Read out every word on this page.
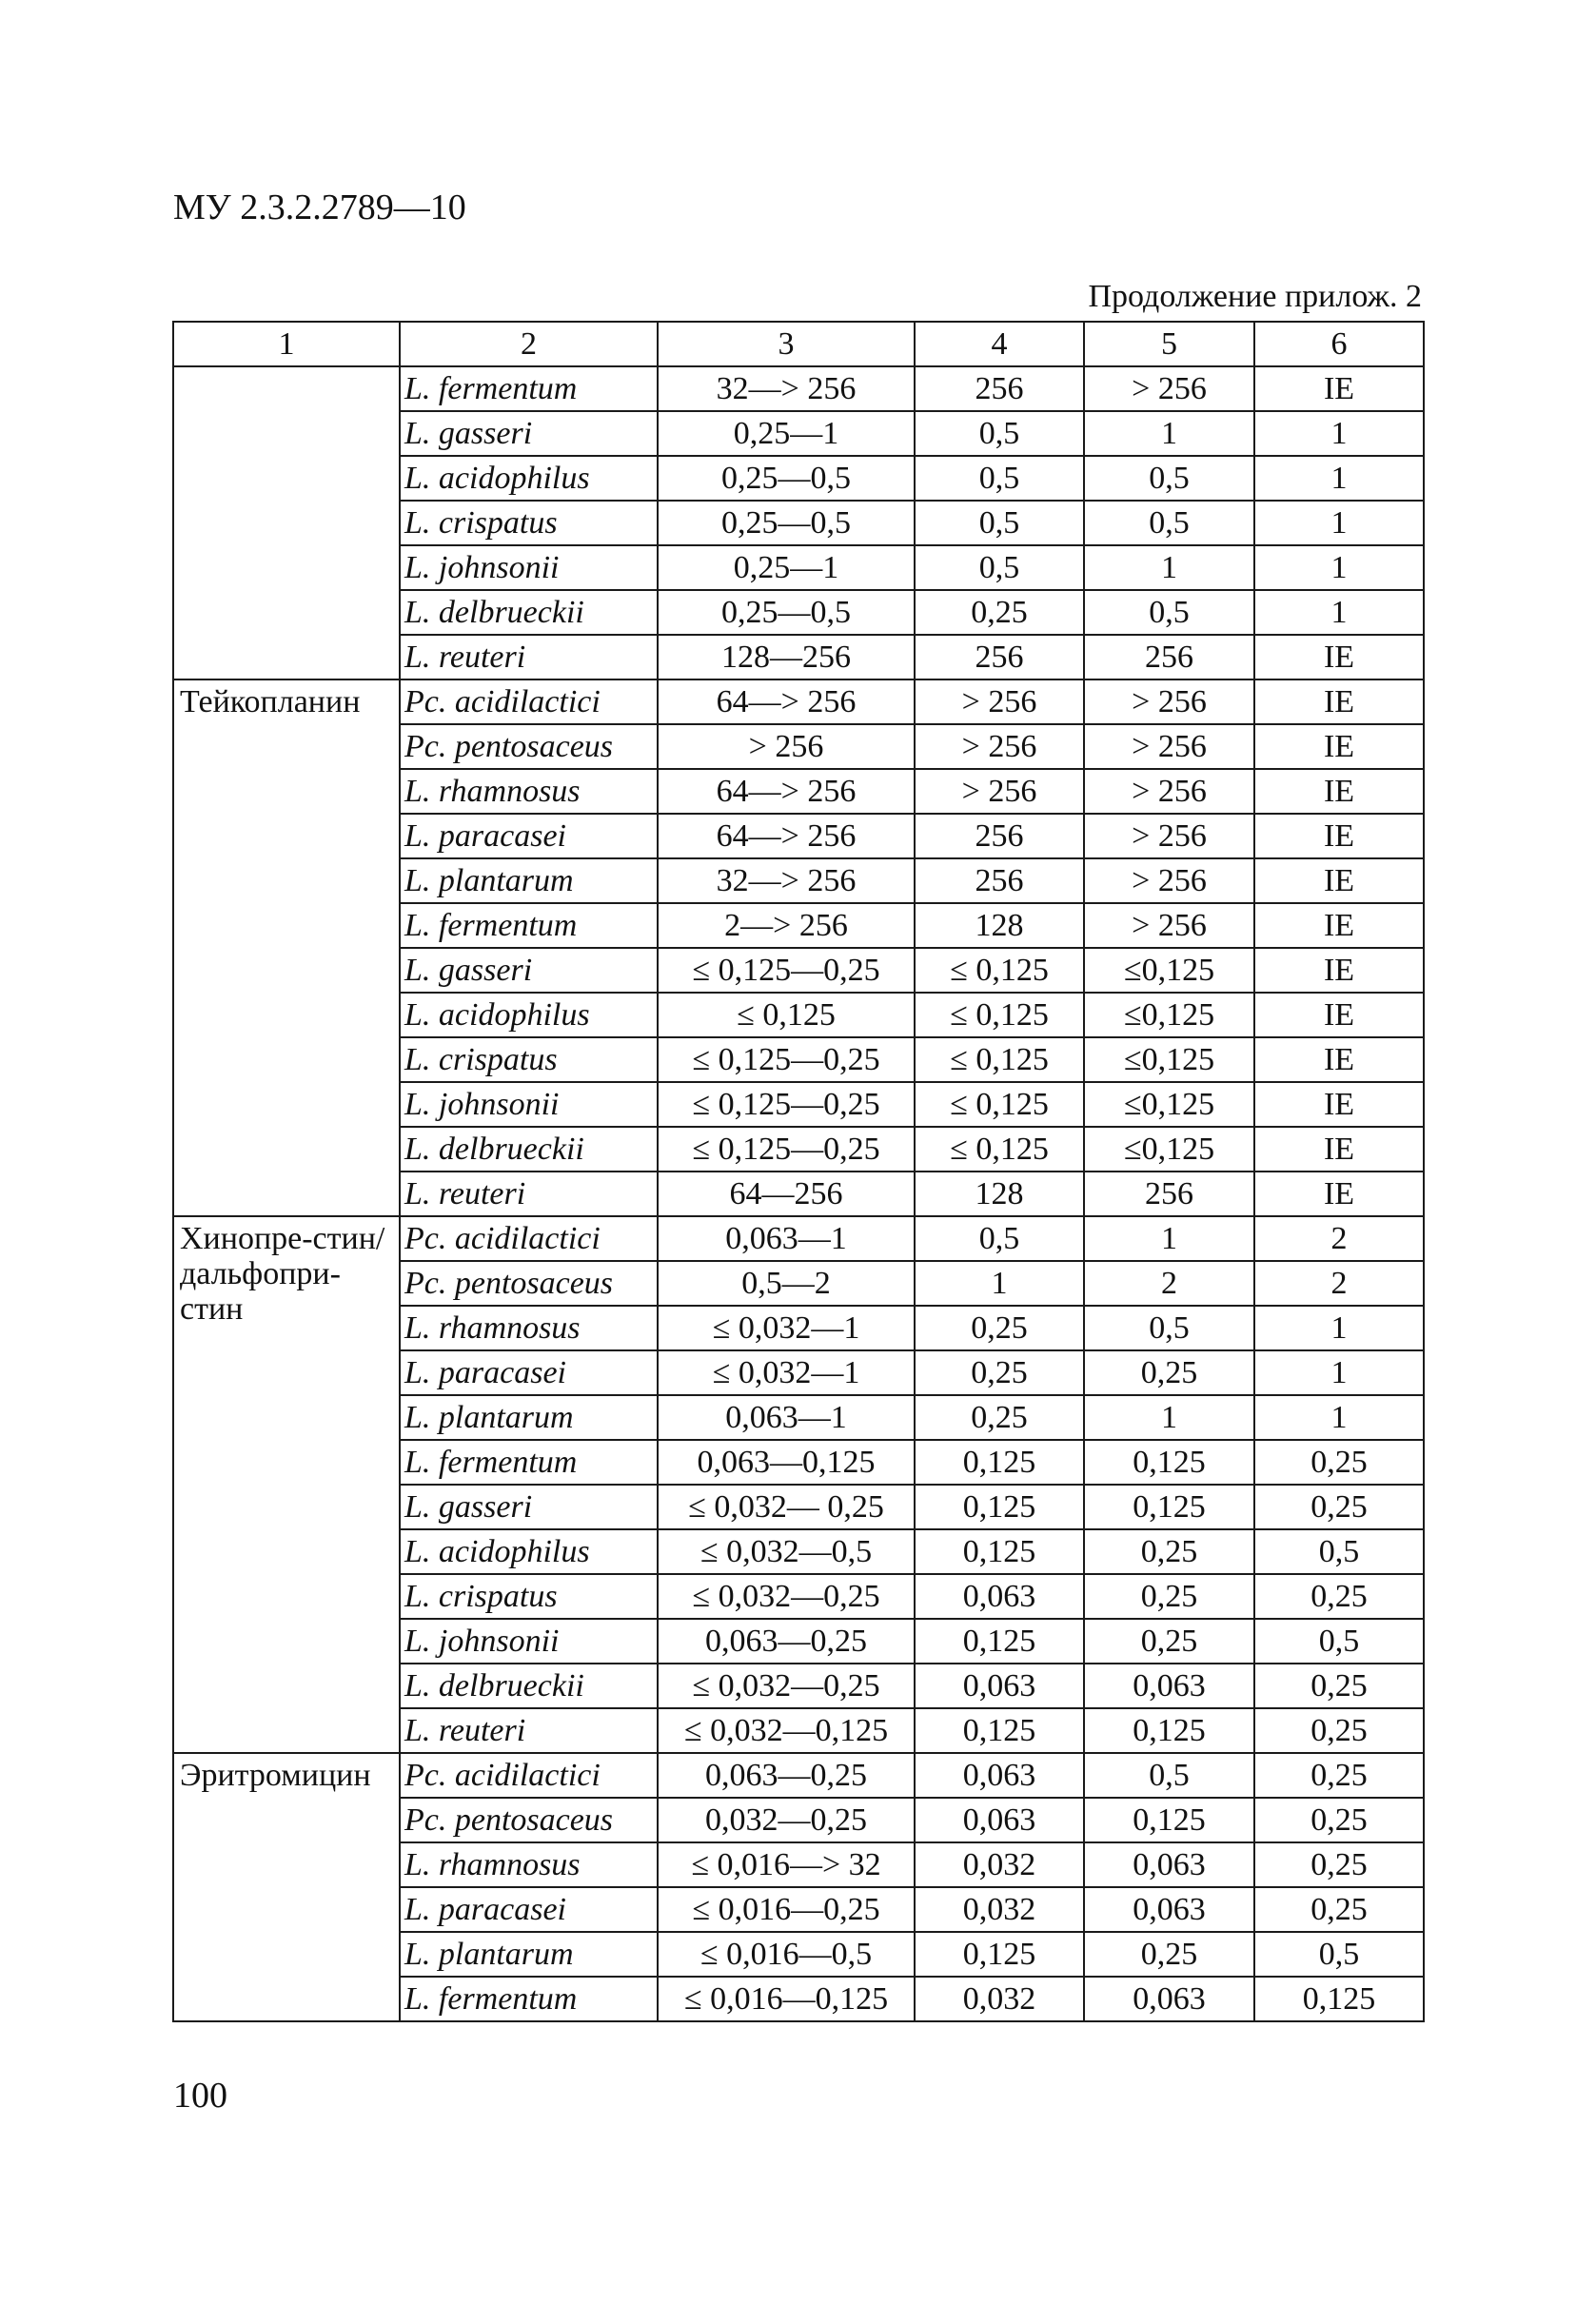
МУ 2.3.2.2789—10
Продолжение прилож. 2
1	2	3	4	5	6
	L. fermentum	32—> 256	256	> 256	IE
	L. gasseri	0,25—1	0,5	1	1
	L. acidophilus	0,25—0,5	0,5	0,5	1
	L. crispatus	0,25—0,5	0,5	0,5	1
	L. johnsonii	0,25—1	0,5	1	1
	L. delbrueckii	0,25—0,5	0,25	0,5	1
	L. reuteri	128—256	256	256	IE
Тейкопланин	Pc. acidilactici	64—> 256	> 256	> 256	IE
	Pc. pentosaceus	> 256	> 256	> 256	IE
	L. rhamnosus	64—> 256	> 256	> 256	IE
	L. paracasei	64—> 256	256	> 256	IE
	L. plantarum	32—> 256	256	> 256	IE
	L. fermentum	2—> 256	128	> 256	IE
	L. gasseri	≤ 0,125—0,25	≤ 0,125	≤0,125	IE
	L. acidophilus	≤ 0,125	≤ 0,125	≤0,125	IE
	L. crispatus	≤ 0,125—0,25	≤ 0,125	≤0,125	IE
	L. johnsonii	≤ 0,125—0,25	≤ 0,125	≤0,125	IE
	L. delbrueckii	≤ 0,125—0,25	≤ 0,125	≤0,125	IE
	L. reuteri	64—256	128	256	IE
Хинопре-стин/ дальфопри-стин	Pc. acidilactici	0,063—1	0,5	1	2
	Pc. pentosaceus	0,5—2	1	2	2
	L. rhamnosus	≤ 0,032—1	0,25	0,5	1
	L. paracasei	≤ 0,032—1	0,25	0,25	1
	L. plantarum	0,063—1	0,25	1	1
	L. fermentum	0,063—0,125	0,125	0,125	0,25
	L. gasseri	≤ 0,032— 0,25	0,125	0,125	0,25
	L. acidophilus	≤ 0,032—0,5	0,125	0,25	0,5
	L. crispatus	≤ 0,032—0,25	0,063	0,25	0,25
	L. johnsonii	0,063—0,25	0,125	0,25	0,5
	L. delbrueckii	≤ 0,032—0,25	0,063	0,063	0,25
	L. reuteri	≤ 0,032—0,125	0,125	0,125	0,25
Эритромицин	Pc. acidilactici	0,063—0,25	0,063	0,5	0,25
	Pc. pentosaceus	0,032—0,25	0,063	0,125	0,25
	L. rhamnosus	≤ 0,016—> 32	0,032	0,063	0,25
	L. paracasei	≤ 0,016—0,25	0,032	0,063	0,25
	L. plantarum	≤ 0,016—0,5	0,125	0,25	0,5
	L. fermentum	≤ 0,016—0,125	0,032	0,063	0,125
100
